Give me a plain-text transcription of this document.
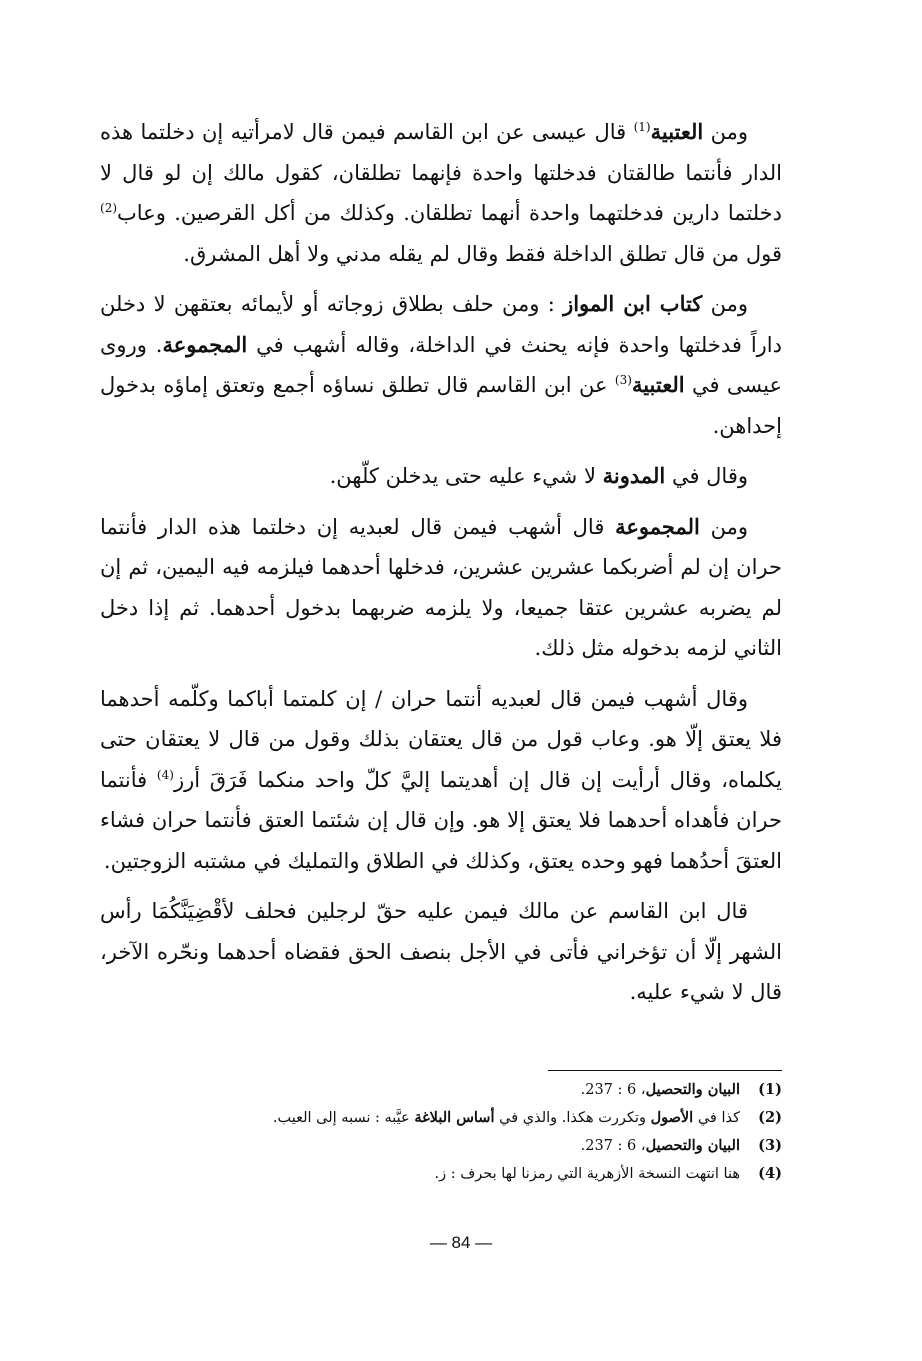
ومن العتبية$^{(1)}$ قال عيسى عن ابن القاسم فيمن قال لامرأتيه إن دخلتما هذه الدار فأنتما طالقتان فدخلتها واحدة فإنهما تطلقان، كقول مالك إن لو قال لا دخلتما دارين فدخلتهما واحدة أنهما تطلقان. وكذلك من أكل القرصين. وعاب$^{(2)}$ قول من قال تطلق الداخلة فقط وقال لم يقله مدني ولا أهل المشرق.

ومن كتاب ابن المواز : ومن حلف بطلاق زوجاته أو لأيمائه بعتقهن لا دخلن داراً فدخلتها واحدة فإنه يحنث في الداخلة، وقاله أشهب في المجموعة. وروى عيسى في العتبية$^{(3)}$ عن ابن القاسم قال تطلق نساؤه أجمع وتعتق إماؤه بدخول إحداهن.

وقال في المدونة لا شيء عليه حتى يدخلن كلّهن.

ومن المجموعة قال أشهب فيمن قال لعبديه إن دخلتما هذه الدار فأنتما حران إن لم أضربكما عشرين عشرين، فدخلها أحدهما فيلزمه فيه اليمين، ثم إن لم يضربه عشرين عتقا جميعا، ولا يلزمه ضربهما بدخول أحدهما. ثم إذا دخل الثاني لزمه بدخوله مثل ذلك.

وقال أشهب فيمن قال لعبديه أنتما حران / إن كلمتما أباكما وكلّمه أحدهما فلا يعتق إلّا هو. وعاب قول من قال يعتقان بذلك وقول من قال لا يعتقان حتى يكلماه، وقال أرأيت إن قال إن أهديتما إليَّ كلّ واحد منكما فَرَقَ أرز$^{(4)}$ فأنتما حران فأهداه أحدهما فلا يعتق إلا هو. وإن قال إن شئتما العتق فأنتما حران فشاء العتقَ أحدُهما فهو وحده يعتق، وكذلك في الطلاق والتمليك في مشتبه الزوجتين.

قال ابن القاسم عن مالك فيمن عليه حقّ لرجلين فحلف لأقْضِيَنَّكُمَا رأس الشهر إلّا أن تؤخراني فأتى في الأجل بنصف الحق فقضاه أحدهما ونحّره الآخر، قال لا شيء عليه.

( 1 )
البيان والتحصيل، 6 : 237.
( 2 )
كذا في الأصول وتكررت هكذا. والذي في أساس البلاغة عيَّبه : نسبه إلى العيب.
( 3 )
البيان والتحصيل، 6 : 237.
( 4 )
هنا انتهت النسخة الأزهرية التي رمزنا لها بحرف : ز.
— 84 —
